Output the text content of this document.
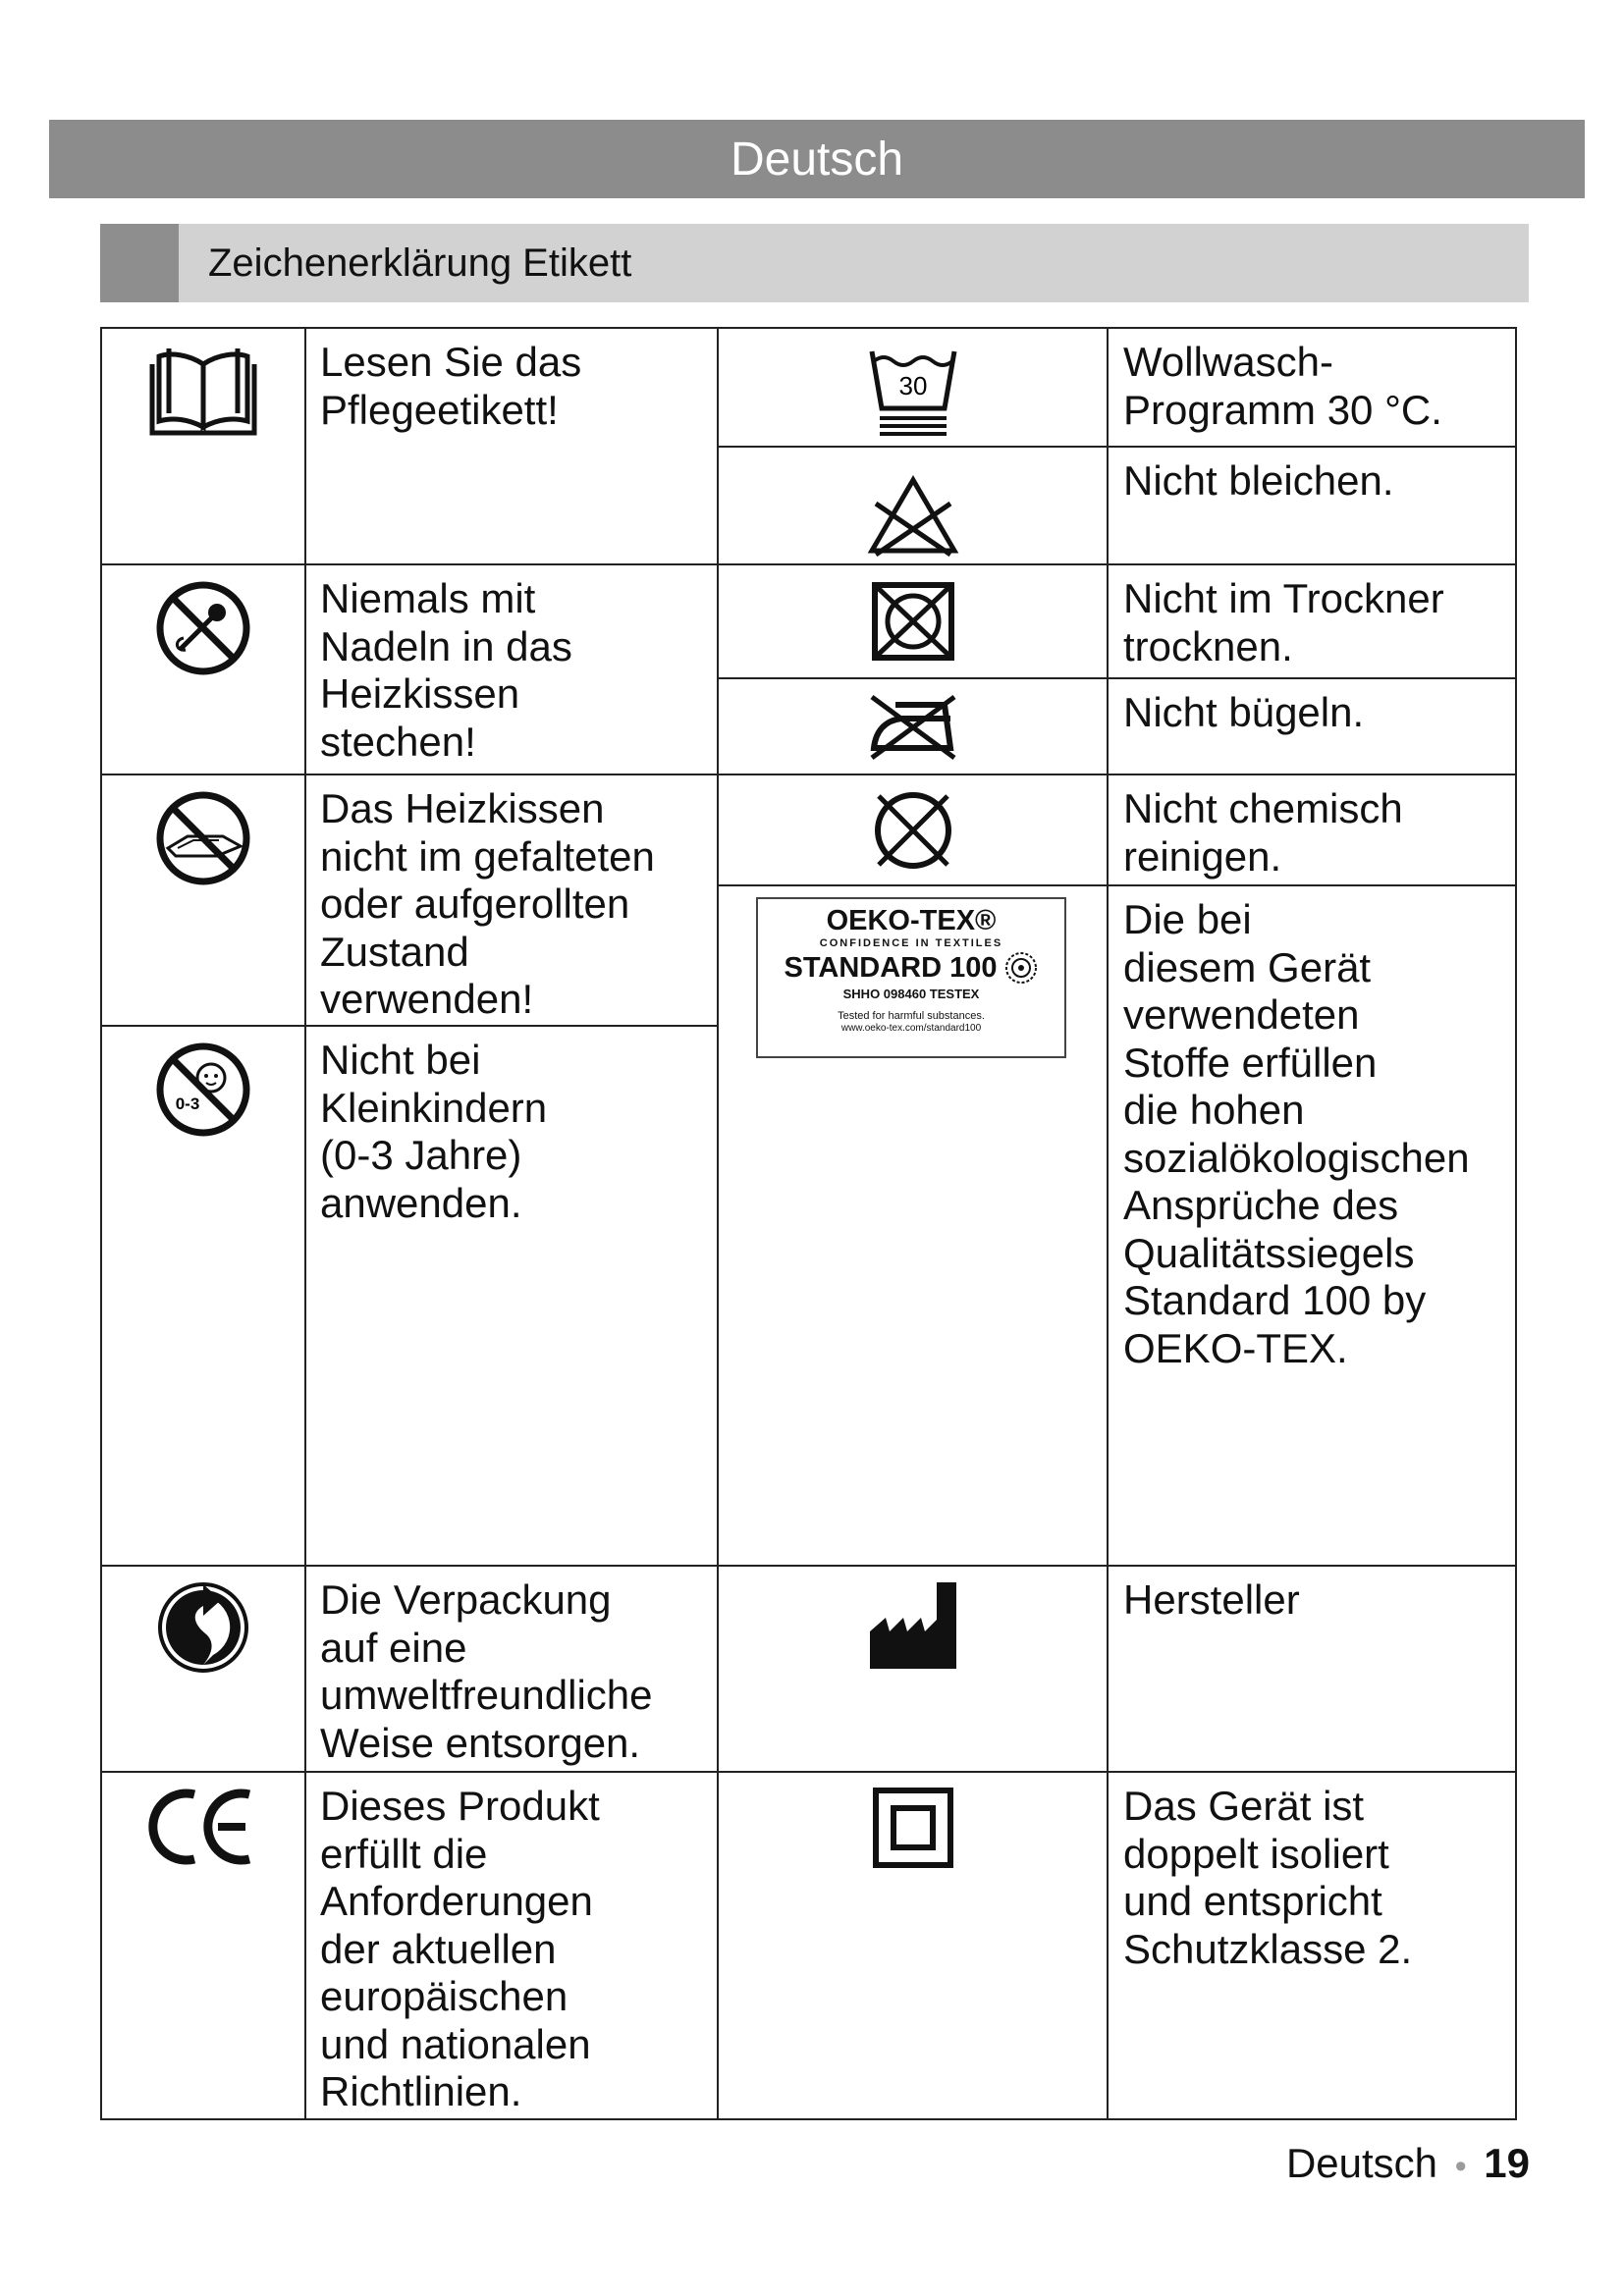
Deutsch
Zeichenerklärung Etikett
Lesen Sie das
Pflegeetikett!
Niemals mit
Nadeln in das
Heizkissen
stechen!
Das Heizkissen
nicht im gefalteten
oder aufgerollten
Zustand
verwenden!
0-3
Nicht bei
Kleinkindern
(0-3 Jahre)
anwenden.
Die Verpackung
auf eine
umweltfreundliche
Weise entsorgen.
Dieses Produkt
erfüllt die
Anforderungen
der aktuellen
europäischen
und nationalen
Richtlinien.
30
Wollwasch-
Programm 30 °C.
Nicht bleichen.
Nicht im Trockner
trocknen.
Nicht bügeln.
Nicht chemisch
reinigen.
Die bei
diesem Gerät
verwendeten
Stoffe erfüllen
die hohen
sozialökologischen
Ansprüche des
Qualitätssiegels
Standard 100 by
OEKO-TEX.
Hersteller
Das Gerät ist
doppelt isoliert
und entspricht
Schutzklasse 2.
OEKO-TEX®
CONFIDENCE IN TEXTILES
STANDARD 100
SHHO 098460 TESTEX
Tested for harmful substances.
www.oeko-tex.com/standard100
Deutsch • 19
